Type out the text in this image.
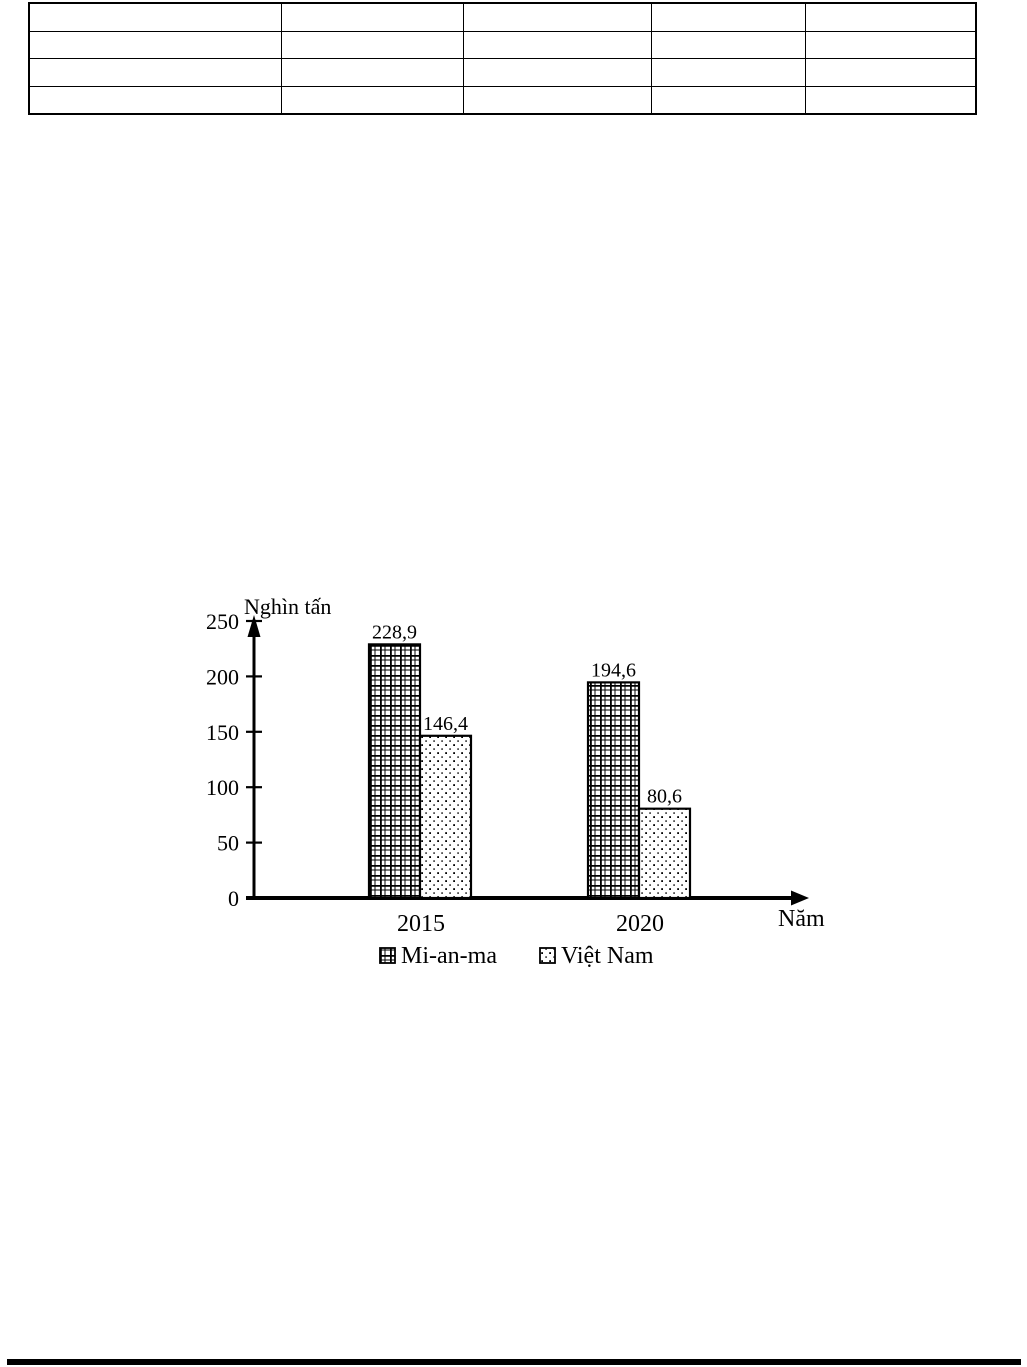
Nghìn tấn
Năm
0
50
100
150
200
250	228,9
146,4
2015
194,6
80,6
2020
Mi-an-ma	Việt Nam
